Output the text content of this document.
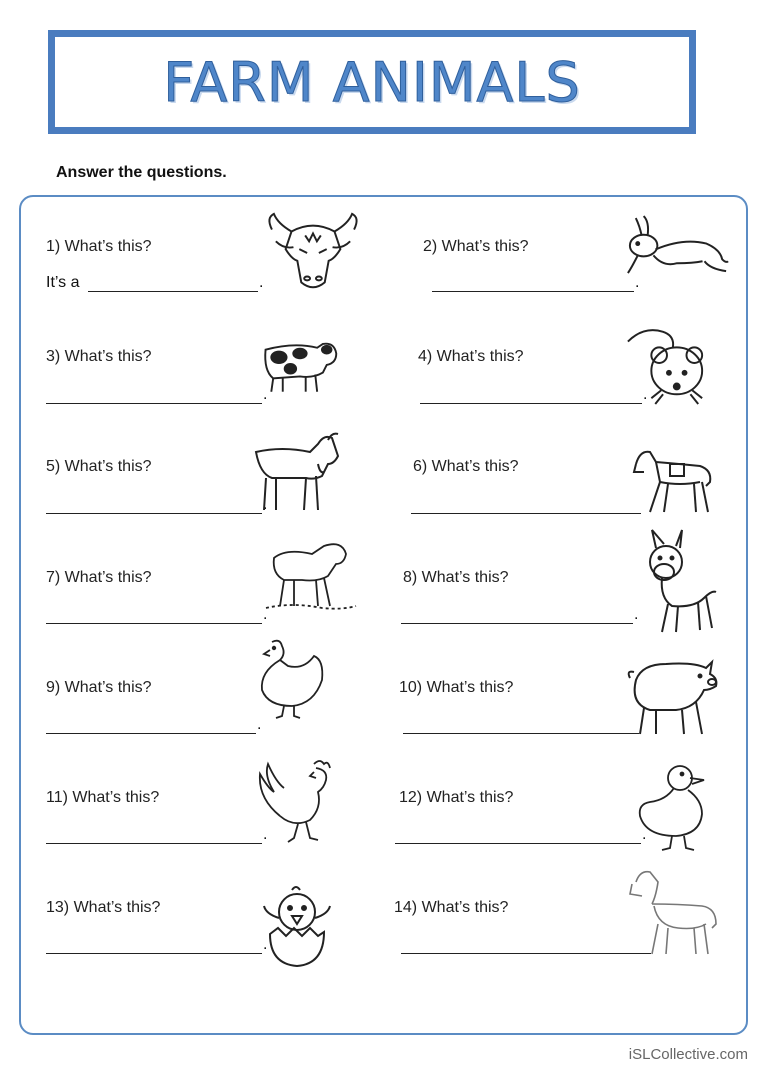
FARM ANIMALS
Answer the questions.
1) What’s this?
It’s a	.
2) What’s this?
.
3) What’s this?
.
4) What’s this?
.
5) What’s this?
.
6) What’s this?
7) What’s this?
.
8) What’s this?
.
9) What’s this?
.
10) What’s this?
11) What’s this?
.
12) What’s this?
.
13) What’s this?
.
14) What’s this?
iSLCollective.com
